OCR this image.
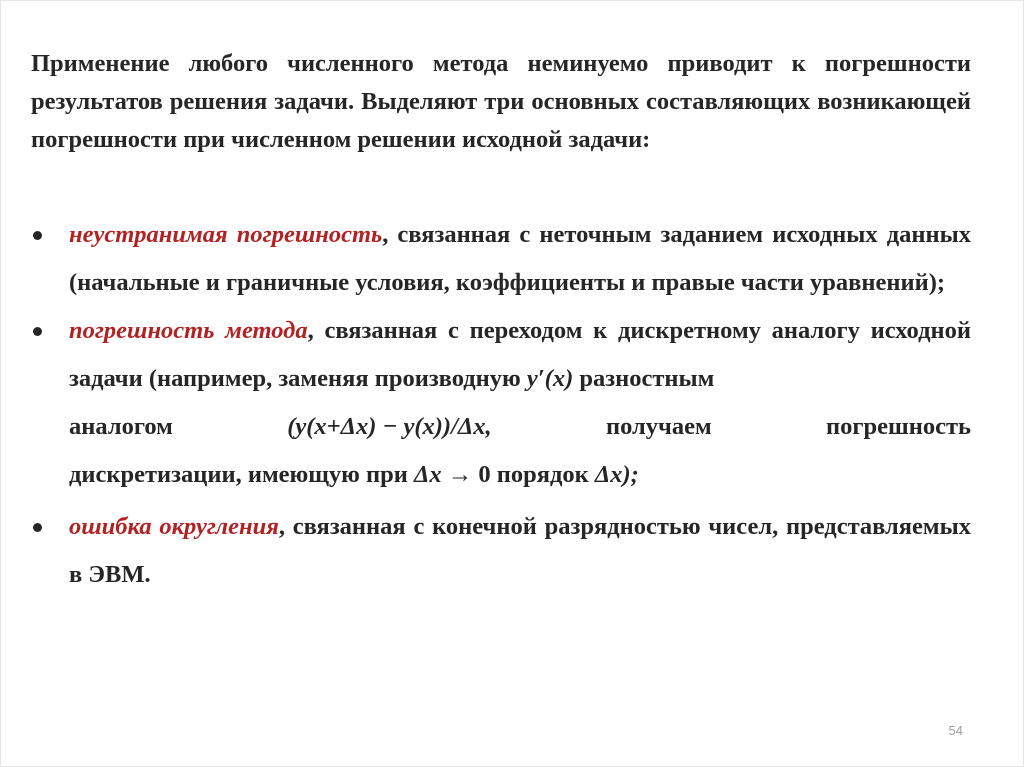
Применение любого численного метода неминуемо приводит к погрешности результатов решения задачи. Выделяют три основных составляющих возникающей погрешности при численном решении исходной задачи:

неустранимая погрешность, связанная с неточным заданием исходных данных (начальные и граничные условия, коэффициенты и правые части уравнений);
погрешность метода, связанная с переходом к дискретному аналогу исходной задачи (например, заменяя производную y′(x) разностным
аналогом	(y(x+Δx) − y(x))/Δx,	получаем	погрешность
дискретизации, имеющую при Δx → 0 порядок Δx);
ошибка округления, связанная с конечной разрядностью чисел, представляемых в ЭВМ.
54
